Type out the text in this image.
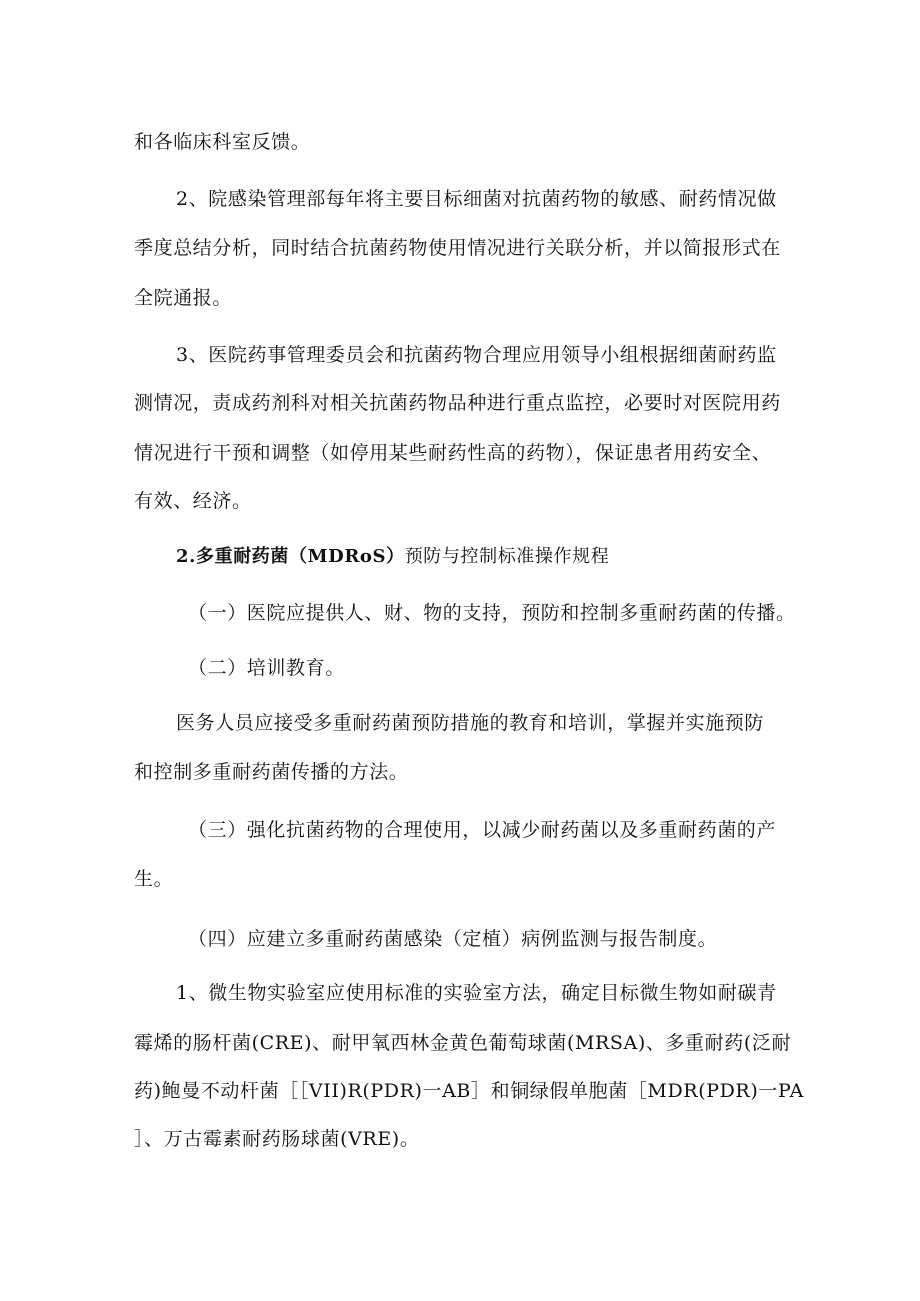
和各临床科室反馈。
2、院感染管理部每年将主要目标细菌对抗菌药物的敏感、耐药情况做
季度总结分析，同时结合抗菌药物使用情况进行关联分析，并以简报形式在
全院通报。
3、医院药事管理委员会和抗菌药物合理应用领导小组根据细菌耐药监
测情况，责成药剂科对相关抗菌药物品种进行重点监控，必要时对医院用药
情况进行干预和调整（如停用某些耐药性高的药物），保证患者用药安全、
有效、经济。
2.多重耐药菌（MDRoS）预防与控制标准操作规程
（一）医院应提供人、财、物的支持，预防和控制多重耐药菌的传播。
（二）培训教育。
医务人员应接受多重耐药菌预防措施的教育和培训，掌握并实施预防
和控制多重耐药菌传播的方法。
（三）强化抗菌药物的合理使用，以减少耐药菌以及多重耐药菌的产
生。
（四）应建立多重耐药菌感染（定植）病例监测与报告制度。
1、微生物实验室应使用标准的实验室方法，确定目标微生物如耐碳青
霉烯的肠杆菌(CRE)、耐甲氧西林金黄色葡萄球菌(MRSA)、多重耐药(泛耐
药)鲍曼不动杆菌［［VII)R(PDR)一AB］和铜绿假单胞菌［MDR(PDR)一PA
］、万古霉素耐药肠球菌(VRE)。
